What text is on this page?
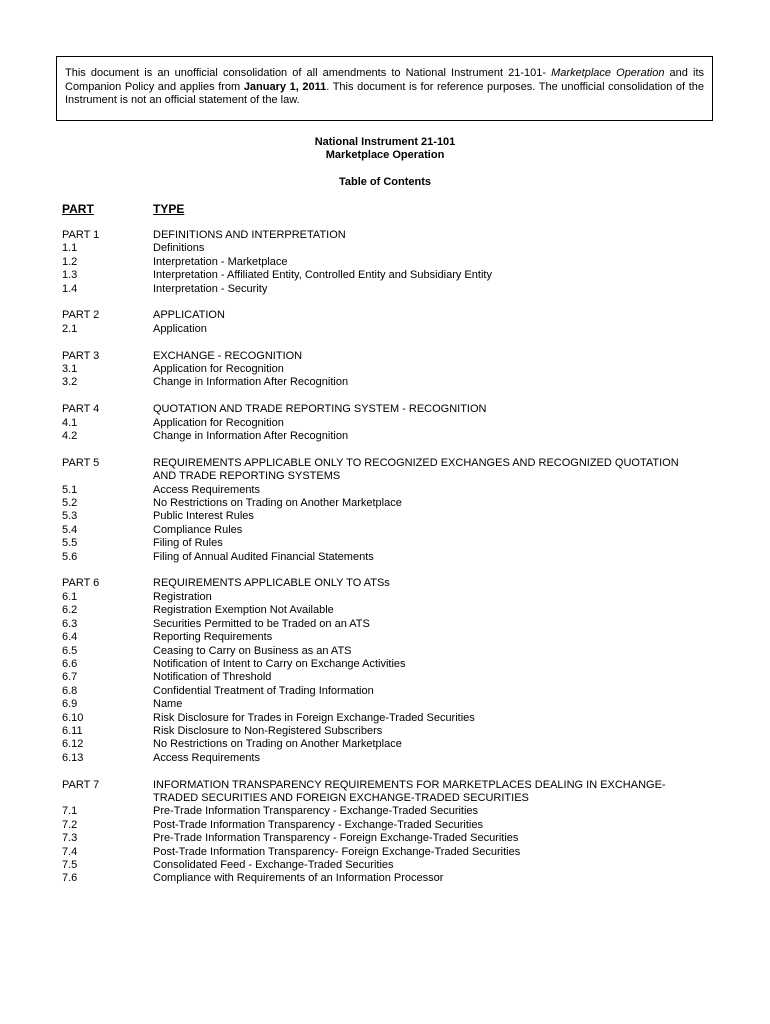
This document is an unofficial consolidation of all amendments to National Instrument 21-101- Marketplace Operation and its Companion Policy and applies from January 1, 2011. This document is for reference purposes. The unofficial consolidation of the Instrument is not an official statement of the law.
National Instrument 21-101
Marketplace Operation
Table of Contents
PART	TYPE
PART 1	DEFINITIONS AND INTERPRETATION
1.1	Definitions
1.2	Interpretation - Marketplace
1.3	Interpretation - Affiliated Entity, Controlled Entity and Subsidiary Entity
1.4	Interpretation - Security
PART 2	APPLICATION
2.1	Application
PART 3	EXCHANGE - RECOGNITION
3.1	Application for Recognition
3.2	Change in Information After Recognition
PART 4	QUOTATION AND TRADE REPORTING SYSTEM - RECOGNITION
4.1	Application for Recognition
4.2	Change in Information After Recognition
PART 5	REQUIREMENTS APPLICABLE ONLY TO RECOGNIZED EXCHANGES AND RECOGNIZED QUOTATION
AND TRADE REPORTING SYSTEMS
5.1	Access Requirements
5.2	No Restrictions on Trading on Another Marketplace
5.3	Public Interest Rules
5.4	Compliance Rules
5.5	Filing of Rules
5.6	Filing of Annual Audited Financial Statements
PART 6	REQUIREMENTS APPLICABLE ONLY TO ATSs
6.1	Registration
6.2	Registration Exemption Not Available
6.3	Securities Permitted to be Traded on an ATS
6.4	Reporting Requirements
6.5	Ceasing to Carry on Business as an ATS
6.6	Notification of Intent to Carry on Exchange Activities
6.7	Notification of Threshold
6.8	Confidential Treatment of Trading Information
6.9	Name
6.10	Risk Disclosure for Trades in Foreign Exchange-Traded Securities
6.11	Risk Disclosure to Non-Registered Subscribers
6.12	No Restrictions on Trading on Another Marketplace
6.13	Access Requirements
PART 7	INFORMATION TRANSPARENCY REQUIREMENTS FOR MARKETPLACES DEALING IN EXCHANGE-
TRADED SECURITIES AND FOREIGN EXCHANGE-TRADED SECURITIES
7.1	Pre-Trade Information Transparency - Exchange-Traded Securities
7.2	Post-Trade Information Transparency - Exchange-Traded Securities
7.3	Pre-Trade Information Transparency - Foreign Exchange-Traded Securities
7.4	Post-Trade Information Transparency- Foreign Exchange-Traded Securities
7.5	Consolidated Feed - Exchange-Traded Securities
7.6	Compliance with Requirements of an Information Processor
